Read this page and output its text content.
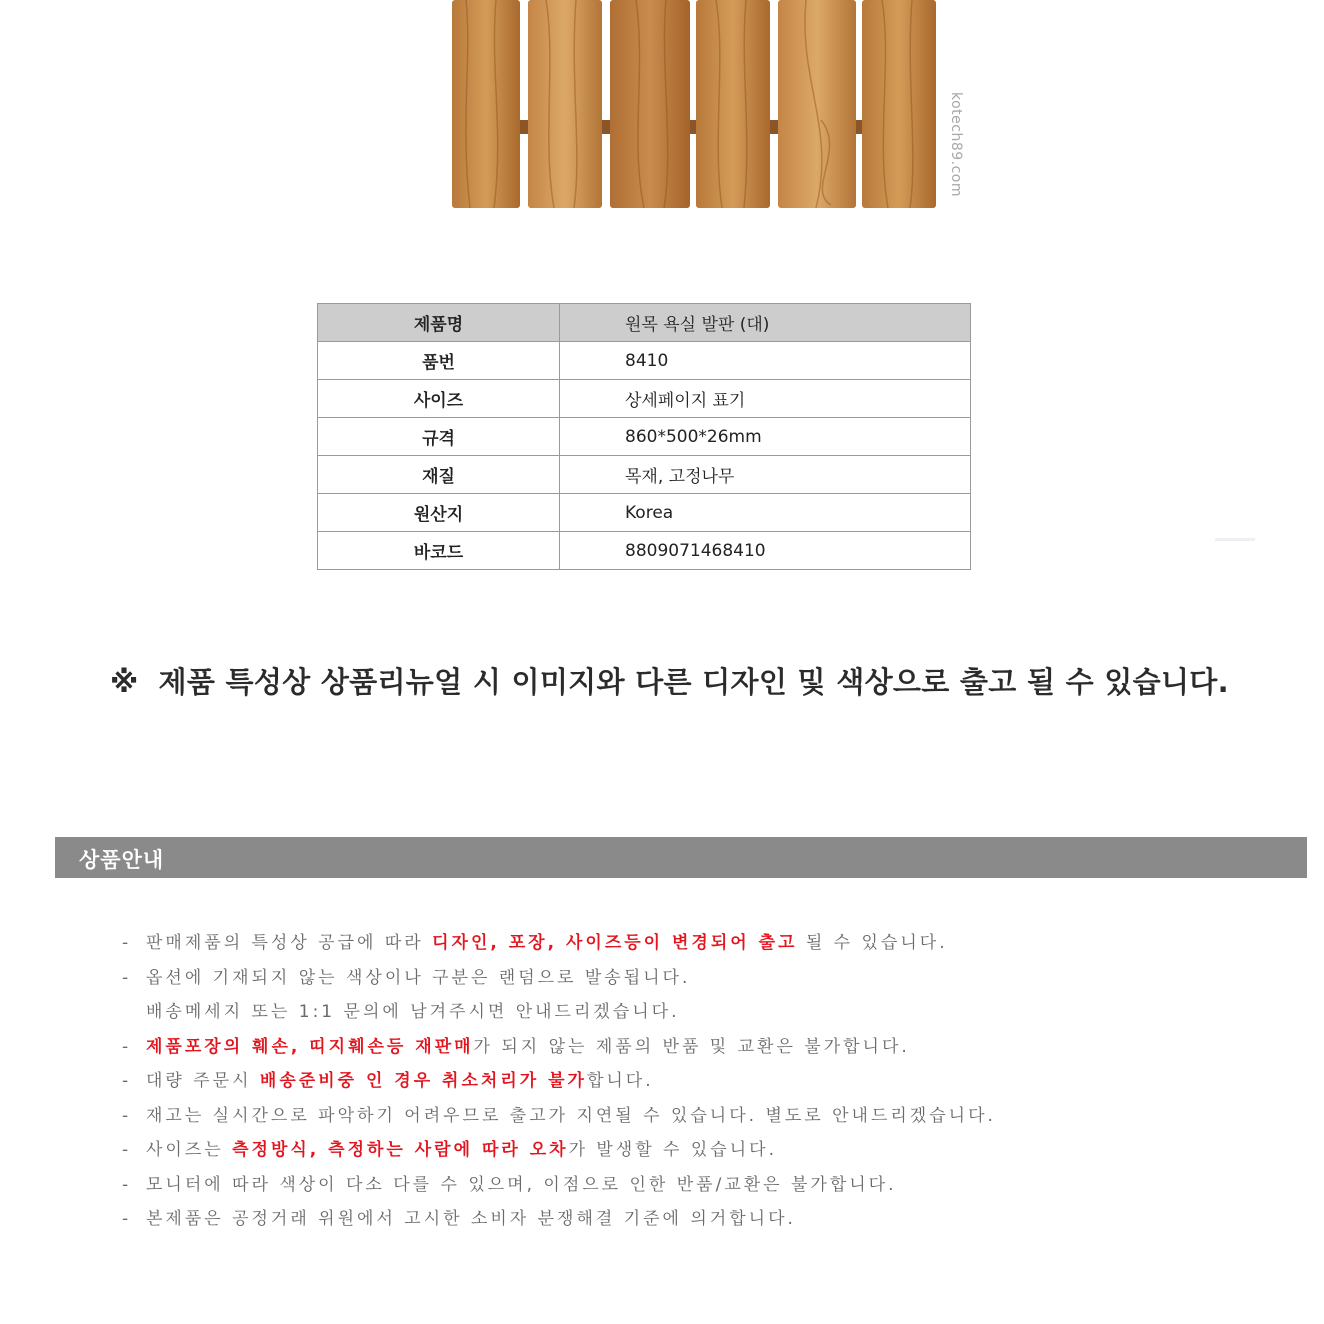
kotech89.com
제품명	원목 욕실 발판 (대)
품번	8410
사이즈	상세페이지 표기
규격	860*500*26mm
재질	목재, 고정나무
원산지	Korea
바코드	8809071468410
※ 제품 특성상 상품리뉴얼 시 이미지와 다른 디자인 및 색상으로 출고 될 수 있습니다.
상품안내
- 판매제품의 특성상 공급에 따라 디자인, 포장, 사이즈등이 변경되어 출고 될 수 있습니다.
- 옵션에 기재되지 않는 색상이나 구분은 랜덤으로 발송됩니다.
배송메세지 또는 1:1 문의에 남겨주시면 안내드리겠습니다.
- 제품포장의 훼손, 띠지훼손등 재판매가 되지 않는 제품의 반품 및 교환은 불가합니다.
- 대량 주문시 배송준비중 인 경우 취소처리가 불가합니다.
- 재고는 실시간으로 파악하기 어려우므로 출고가 지연될 수 있습니다. 별도로 안내드리겠습니다.
- 사이즈는 측정방식, 측정하는 사람에 따라 오차가 발생할 수 있습니다.
- 모니터에 따라 색상이 다소 다를 수 있으며, 이점으로 인한 반품/교환은 불가합니다.
- 본제품은 공정거래 위원에서 고시한 소비자 분쟁해결 기준에 의거합니다.
